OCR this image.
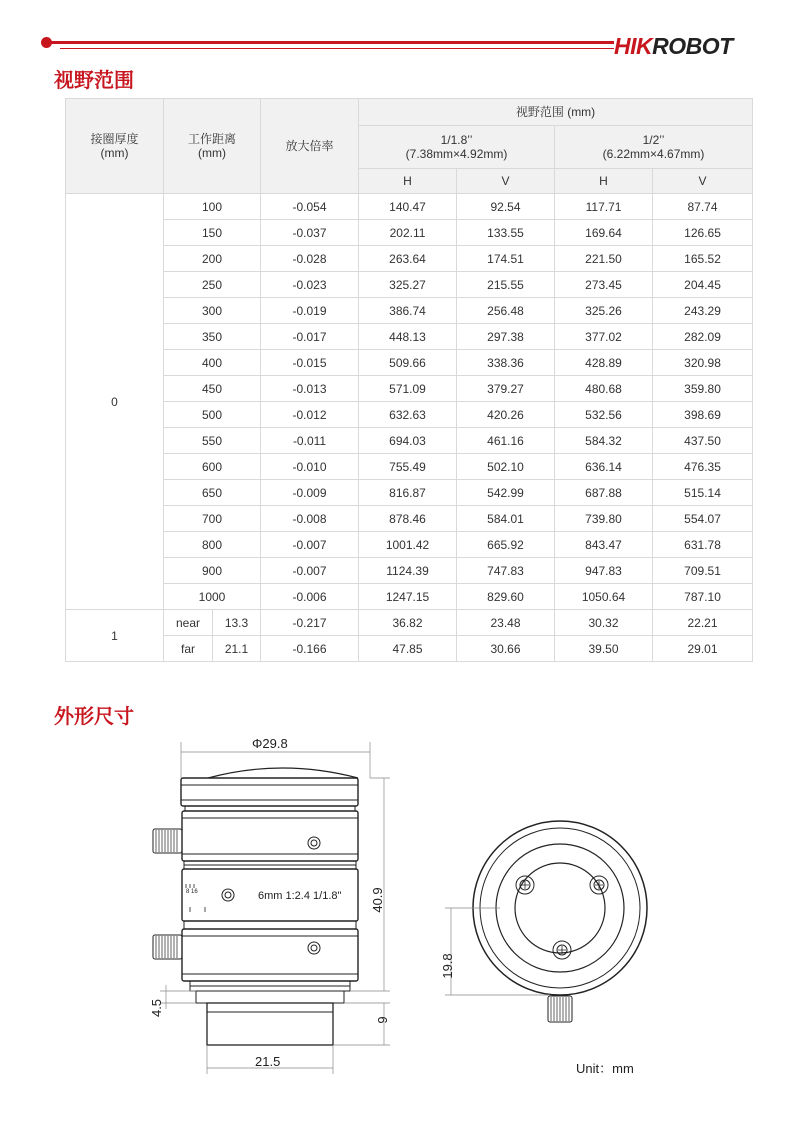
HIKROBOT
视野范围
接圈厚度
(mm)	工作距离
(mm)		放大倍率	视野范围 (mm)			
				1/1.8’’
(7.38mm×4.92mm)		1/2’’
(6.22mm×4.67mm)	
				H	V	H	V
0	100		-0.054	140.47	92.54	117.71	87.74
	150		-0.037	202.11	133.55	169.64	126.65
	200		-0.028	263.64	174.51	221.50	165.52
	250		-0.023	325.27	215.55	273.45	204.45
	300		-0.019	386.74	256.48	325.26	243.29
	350		-0.017	448.13	297.38	377.02	282.09
	400		-0.015	509.66	338.36	428.89	320.98
	450		-0.013	571.09	379.27	480.68	359.80
	500		-0.012	632.63	420.26	532.56	398.69
	550		-0.011	694.03	461.16	584.32	437.50
	600		-0.010	755.49	502.10	636.14	476.35
	650		-0.009	816.87	542.99	687.88	515.14
	700		-0.008	878.46	584.01	739.80	554.07
	800		-0.007	1001.42	665.92	843.47	631.78
	900		-0.007	1124.39	747.83	947.83	709.51
	1000		-0.006	1247.15	829.60	1050.64	787.10
1	near	13.3	-0.217	36.82	23.48	30.32	22.21
	far	21.1	-0.166	47.85	30.66	39.50	29.01
外形尺寸
6mm 1:2.4 1/1.8"
8 16
Φ29.8
40.9
4.5
9
21.5
19.8
Unit：mm
